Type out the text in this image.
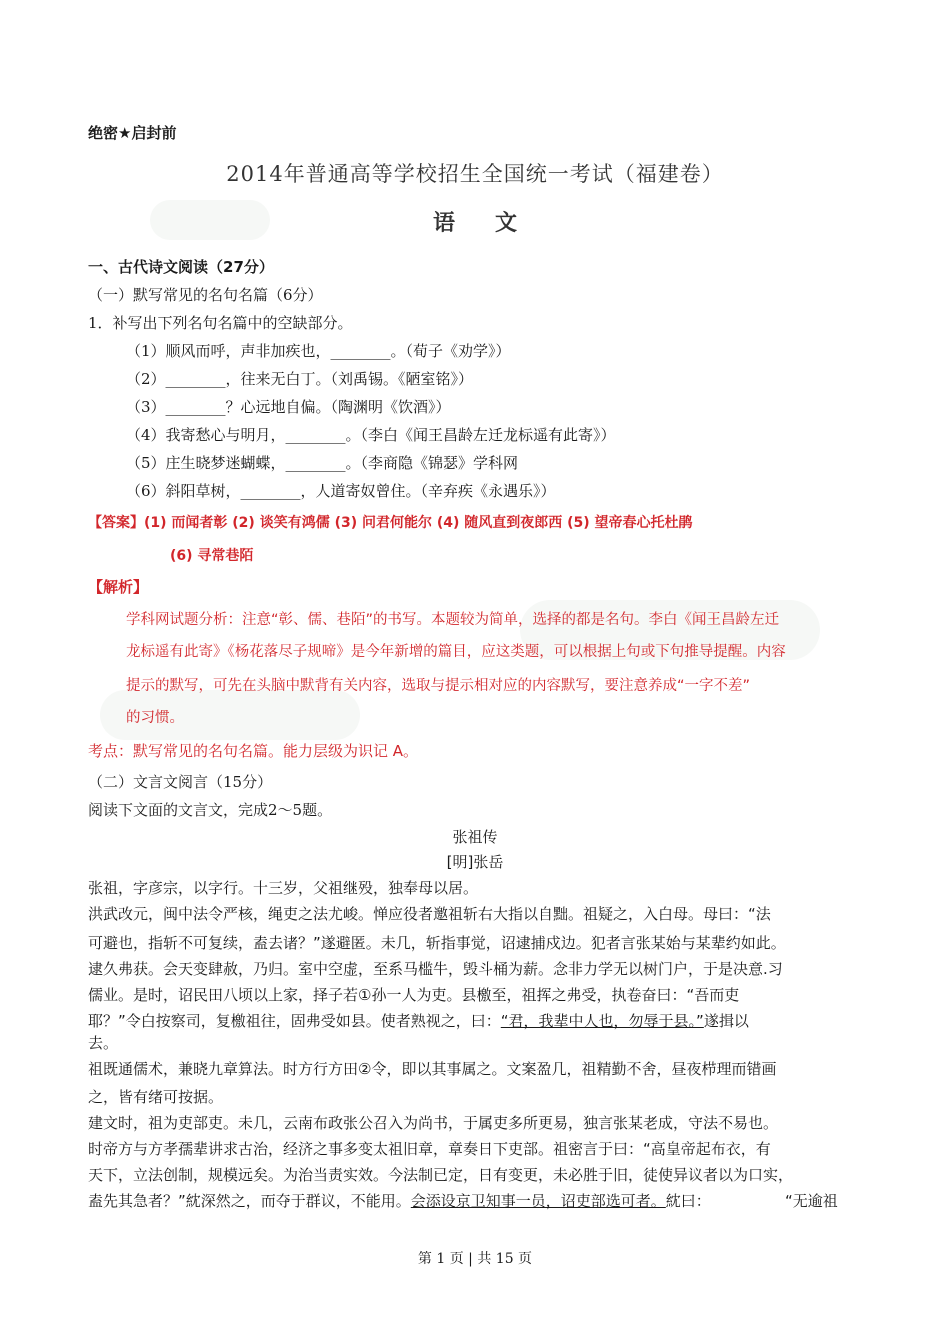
绝密★启封前
2014年普通高等学校招生全国统一考试（福建卷）
语文
一、古代诗文阅读（27分）
（一）默写常见的名句名篇（6分）
1．补写出下列名句名篇中的空缺部分。
（1）顺风而呼，声非加疾也，________。（荀子《劝学》）
（2）________，往来无白丁。（刘禹锡。《陋室铭》）
（3）________？心远地自偏。（陶渊明《饮酒》）
（4）我寄愁心与明月，________。（李白《闻王昌龄左迁龙标遥有此寄》）
（5）庄生晓梦迷蝴蝶，________。（李商隐《锦瑟》学科网
（6）斜阳草树，________，人道寄奴曾住。（辛弃疾《永遇乐》）
【答案】(1) 而闻者彰 (2) 谈笑有鸿儒 (3) 问君何能尔 (4) 随风直到夜郎西 (5) 望帝春心托杜鹃
(6) 寻常巷陌
【解析】
学科网试题分析：注意“彰、儒、巷陌”的书写。本题较为简单，选择的都是名句。李白《闻王昌龄左迁
龙标遥有此寄》《杨花落尽子规啼》是今年新增的篇目，应这类题，可以根据上句或下句推导提醒。内容
提示的默写，可先在头脑中默背有关内容，选取与提示相对应的内容默写，要注意养成“一字不差”
的习惯。
考点：默写常见的名句名篇。能力层级为识记 A。
（二）文言文阅言（15分）
阅读下文面的文言文，完成2～5题。
张祖传
[明]张岳
张祖，字彦宗，以字行。十三岁，父祖继殁，独奉母以居。
洪武改元，闽中法令严核，绳吏之法尤峻。惮应役者邀祖斩右大指以自黜。祖疑之，入白母。母曰：“法
可避也，指斩不可复续，盍去诸？”遂避匿。未几，斩指事觉，诏逮捕戍边。犯者言张某始与某辈约如此。
逮久弗获。会天变肆赦，乃归。室中空虚，至系马槛牛，毁斗桶为薪。念非力学无以树门户，于是决意.习
儒业。是时，诏民田八顷以上家，择子若①孙一人为吏。县檄至，祖挥之弗受，执卷奋曰：“吾而吏
耶？”令白按察司，复檄祖往，固弗受如县。使者熟视之，曰：“君，我辈中人也，勿辱于县。”遂揖以
去。
祖既通儒术，兼晓九章算法。时方行方田②令，即以其事属之。文案盈几，祖精勤不舍，昼夜栉理而错画
之，皆有绪可按据。
建文时，祖为吏部吏。未几，云南布政张公召入为尚书，于属吏多所更易，独言张某老成，守法不易也。
时帝方与方孝孺辈讲求古治，经济之事多变太祖旧章，章奏日下吏部。祖密言于曰：“高皇帝起布衣，有
天下，立法创制，规模远矣。为治当责实效。今法制已定，日有变更，未必胜于旧，徒使异议者以为口实，
盍先其急者？”紞深然之，而夺于群议，不能用。会添设京卫知事一员，诏吏部选可者。紞曰：	“无逾祖
第 1 页 | 共 15 页
